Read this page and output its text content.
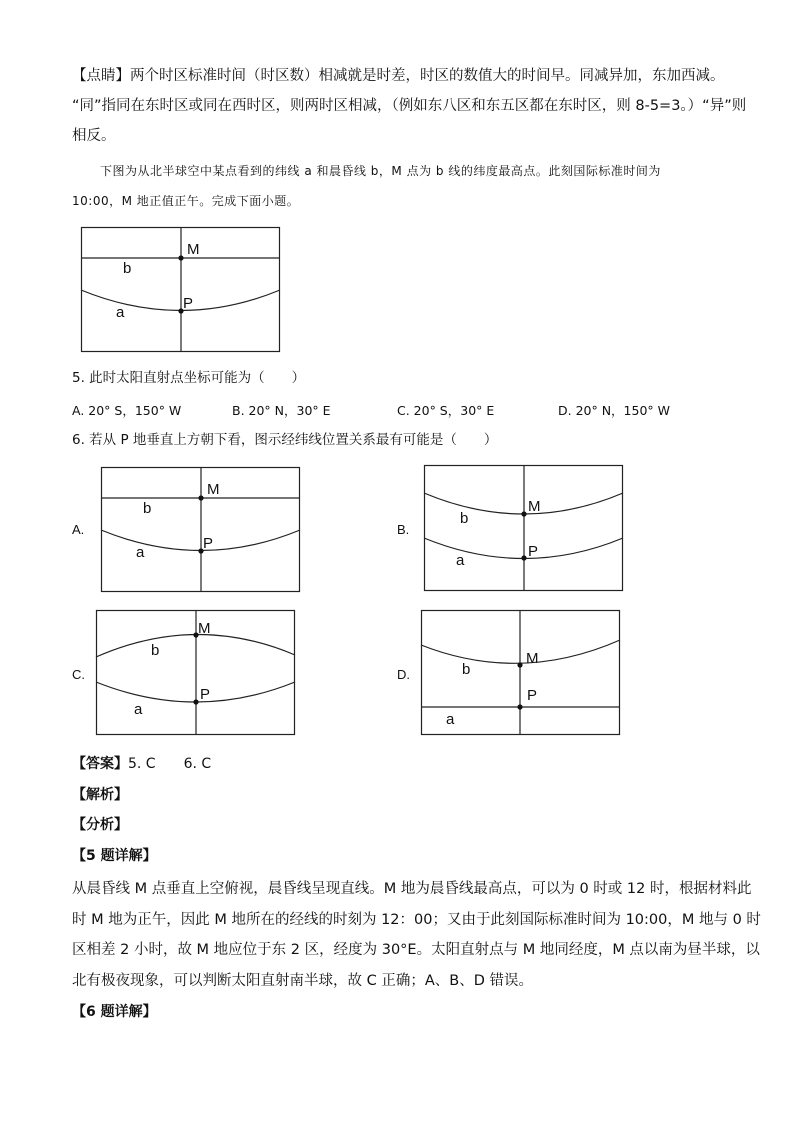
【点睛】两个时区标准时间（时区数）相减就是时差，时区的数值大的时间早。同减异加，东加西减。
“同”指同在东时区或同在西时区，则两时区相减，（例如东八区和东五区都在东时区，则 8-5=3。）“异”则
相反。
下图为从北半球空中某点看到的纬线 a 和晨昏线 b，M 点为 b 线的纬度最高点。此刻国际标准时间为
10:00，M 地正值正午。完成下面小题。
M
P
b
a
5. 此时太阳直射点坐标可能为（　　）
A. 20° S，150° W	B. 20° N，30° E	C. 20° S，30° E	D. 20° N，150° W
6. 若从 P 地垂直上方朝下看，图示经纬线位置关系最有可能是（　　）
A.
M
P
b
a
B.
M
P
b
a
C.
M
P
b
a
D.
M
P
b
a
【答案】5. C　　6. C
【解析】
【分析】
【5 题详解】
从晨昏线 M 点垂直上空俯视，晨昏线呈现直线。M 地为晨昏线最高点，可以为 0 时或 12 时，根据材料此
时 M 地为正午，因此 M 地所在的经线的时刻为 12：00；又由于此刻国际标准时间为 10:00，M 地与 0 时
区相差 2 小时，故 M 地应位于东 2 区，经度为 30°E。太阳直射点与 M 地同经度，M 点以南为昼半球，以
北有极夜现象，可以判断太阳直射南半球，故 C 正确；A、B、D 错误。
【6 题详解】
